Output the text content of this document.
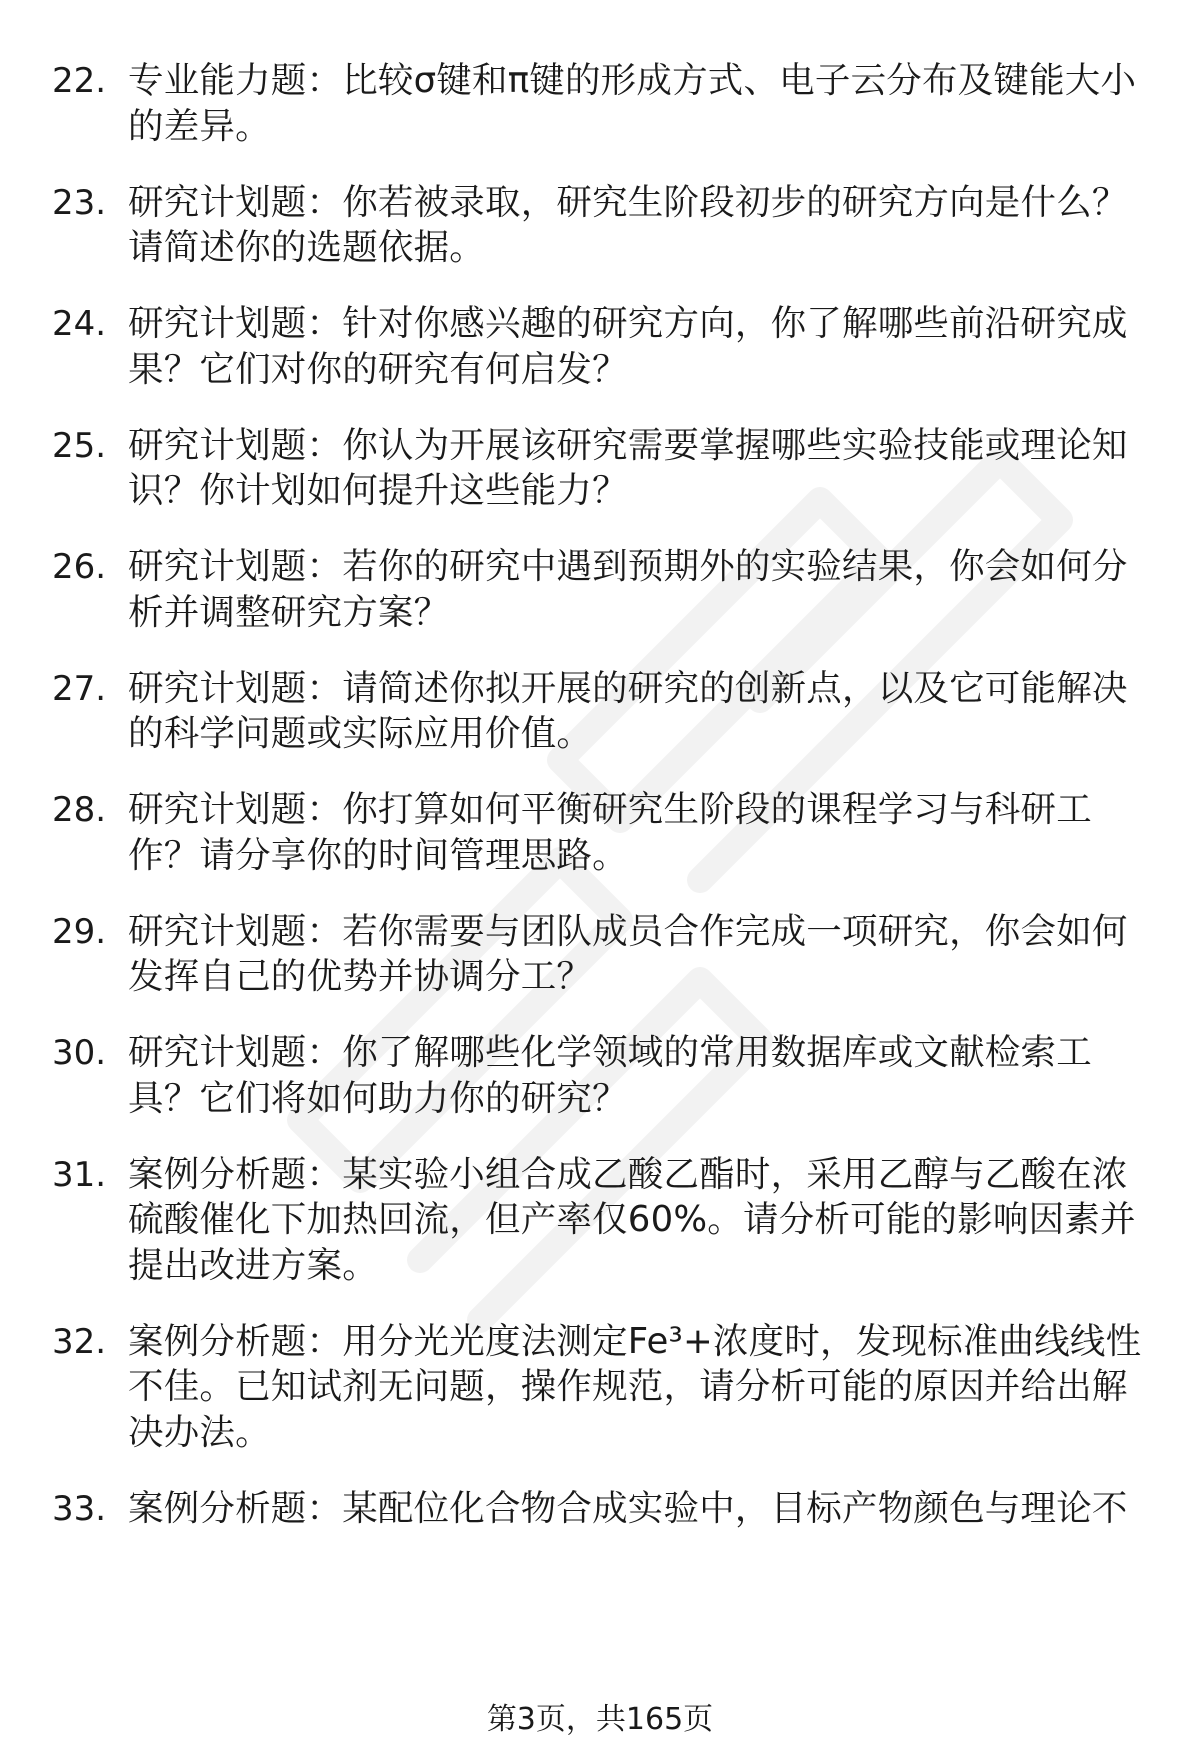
22. 专业能力题：比较σ键和π键的形成方式、电子云分布及键能大小的差异。
23. 研究计划题：你若被录取，研究生阶段初步的研究方向是什么？请简述你的选题依据。
24. 研究计划题：针对你感兴趣的研究方向，你了解哪些前沿研究成果？它们对你的研究有何启发？
25. 研究计划题：你认为开展该研究需要掌握哪些实验技能或理论知识？你计划如何提升这些能力？
26. 研究计划题：若你的研究中遇到预期外的实验结果，你会如何分析并调整研究方案？
27. 研究计划题：请简述你拟开展的研究的创新点，以及它可能解决的科学问题或实际应用价值。
28. 研究计划题：你打算如何平衡研究生阶段的课程学习与科研工作？请分享你的时间管理思路。
29. 研究计划题：若你需要与团队成员合作完成一项研究，你会如何发挥自己的优势并协调分工？
30. 研究计划题：你了解哪些化学领域的常用数据库或文献检索工具？它们将如何助力你的研究？
31. 案例分析题：某实验小组合成乙酸乙酯时，采用乙醇与乙酸在浓硫酸催化下加热回流，但产率仅60%。请分析可能的影响因素并提出改进方案。
32. 案例分析题：用分光光度法测定Fe³+浓度时，发现标准曲线线性不佳。已知试剂无问题，操作规范，请分析可能的原因并给出解决办法。
33. 案例分析题：某配位化合物合成实验中，目标产物颜色与理论不
第3页，共165页
